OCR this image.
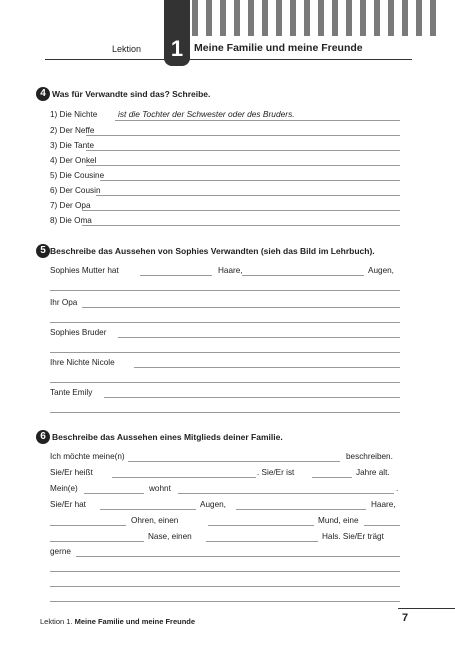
1
Lektion	Meine Familie und meine Freunde
4 Was für Verwandte sind das? Schreibe.
1) Die Nichte ist die Tochter der Schwester oder des Bruders.
2) Der Neffe
3) Die Tante
4) Der Onkel
5) Die Cousine
6) Der Cousin
7) Der Opa
8) Die Oma
5 Beschreibe das Aussehen von Sophies Verwandten (sieh das Bild im Lehrbuch).
Sophies Mutter hat	Haare,	Augen,
Ihr Opa
Sophies Bruder
Ihre Nichte Nicole
Tante Emily
6 Beschreibe das Aussehen eines Mitglieds deiner Familie.
Ich möchte meine(n)	beschreiben.
Sie/Er heißt	. Sie/Er ist	Jahre alt.
Mein(e)	wohnt	.
Sie/Er hat	Augen,	Haare,
Ohren, einen	Mund, eine
Nase, einen	Hals. Sie/Er trägt
gerne
Lektion 1. Meine Familie und meine Freunde	7
